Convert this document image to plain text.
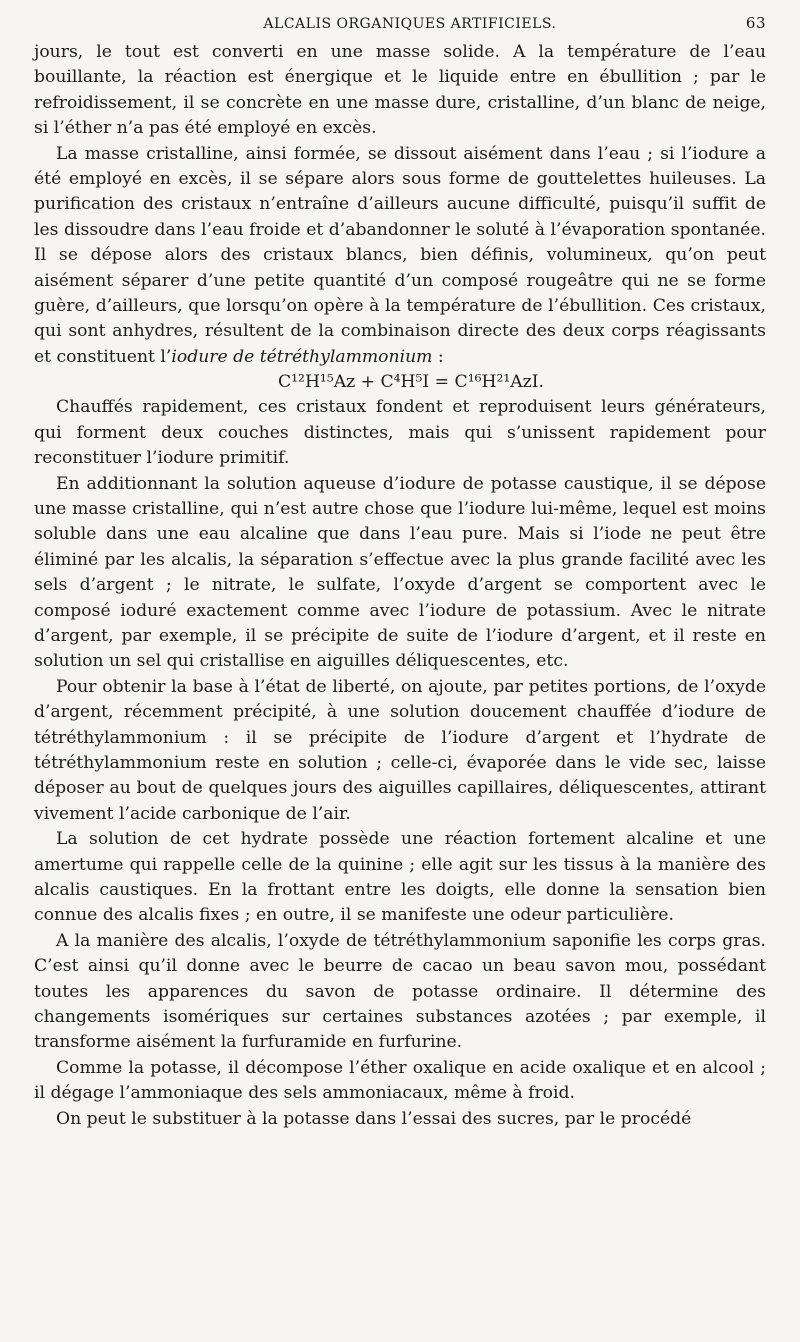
ALCALIS ORGANIQUES ARTIFICIELS.	63

jours, le tout est converti en une masse solide. A la température de l’eau bouillante, la réaction est énergique et le liquide entre en ébullition ; par le refroidissement, il se concrète en une masse dure, cristalline, d’un blanc de neige, si l’éther n’a pas été employé en excès.

La masse cristalline, ainsi formée, se dissout aisément dans l’eau ; si l’iodure a été employé en excès, il se sépare alors sous forme de gouttelettes huileuses. La purification des cristaux n’entraîne d’ailleurs aucune difficulté, puisqu’il suffit de les dissoudre dans l’eau froide et d’abandonner le soluté à l’évaporation spontanée. Il se dépose alors des cristaux blancs, bien définis, volumineux, qu’on peut aisément séparer d’une petite quantité d’un composé rougeâtre qui ne se forme guère, d’ailleurs, que lorsqu’on opère à la température de l’ébullition. Ces cristaux, qui sont anhydres, résultent de la combinaison directe des deux corps réagissants et constituent l’iodure de tétréthylammonium :

C¹²H¹⁵Az + C⁴H⁵I = C¹⁶H²¹AzI.

Chauffés rapidement, ces cristaux fondent et reproduisent leurs générateurs, qui forment deux couches distinctes, mais qui s’unissent rapidement pour reconstituer l’iodure primitif.

En additionnant la solution aqueuse d’iodure de potasse caustique, il se dépose une masse cristalline, qui n’est autre chose que l’iodure lui-même, lequel est moins soluble dans une eau alcaline que dans l’eau pure. Mais si l’iode ne peut être éliminé par les alcalis, la séparation s’effectue avec la plus grande facilité avec les sels d’argent ; le nitrate, le sulfate, l’oxyde d’argent se comportent avec le composé ioduré exactement comme avec l’iodure de potassium. Avec le nitrate d’argent, par exemple, il se précipite de suite de l’iodure d’argent, et il reste en solution un sel qui cristallise en aiguilles déliquescentes, etc.

Pour obtenir la base à l’état de liberté, on ajoute, par petites portions, de l’oxyde d’argent, récemment précipité, à une solution doucement chauffée d’iodure de tétréthylammonium : il se précipite de l’iodure d’argent et l’hydrate de tétréthylammonium reste en solution ; celle-ci, évaporée dans le vide sec, laisse déposer au bout de quelques jours des aiguilles capillaires, déliquescentes, attirant vivement l’acide carbonique de l’air.

La solution de cet hydrate possède une réaction fortement alcaline et une amertume qui rappelle celle de la quinine ; elle agit sur les tissus à la manière des alcalis caustiques. En la frottant entre les doigts, elle donne la sensation bien connue des alcalis fixes ; en outre, il se manifeste une odeur particulière.

A la manière des alcalis, l’oxyde de tétréthylammonium saponifie les corps gras. C’est ainsi qu’il donne avec le beurre de cacao un beau savon mou, possédant toutes les apparences du savon de potasse ordinaire. Il détermine des changements isomériques sur certaines substances azotées ; par exemple, il transforme aisément la furfuramide en furfurine.

Comme la potasse, il décompose l’éther oxalique en acide oxalique et en alcool ; il dégage l’ammoniaque des sels ammoniacaux, même à froid.

On peut le substituer à la potasse dans l’essai des sucres, par le procédé
